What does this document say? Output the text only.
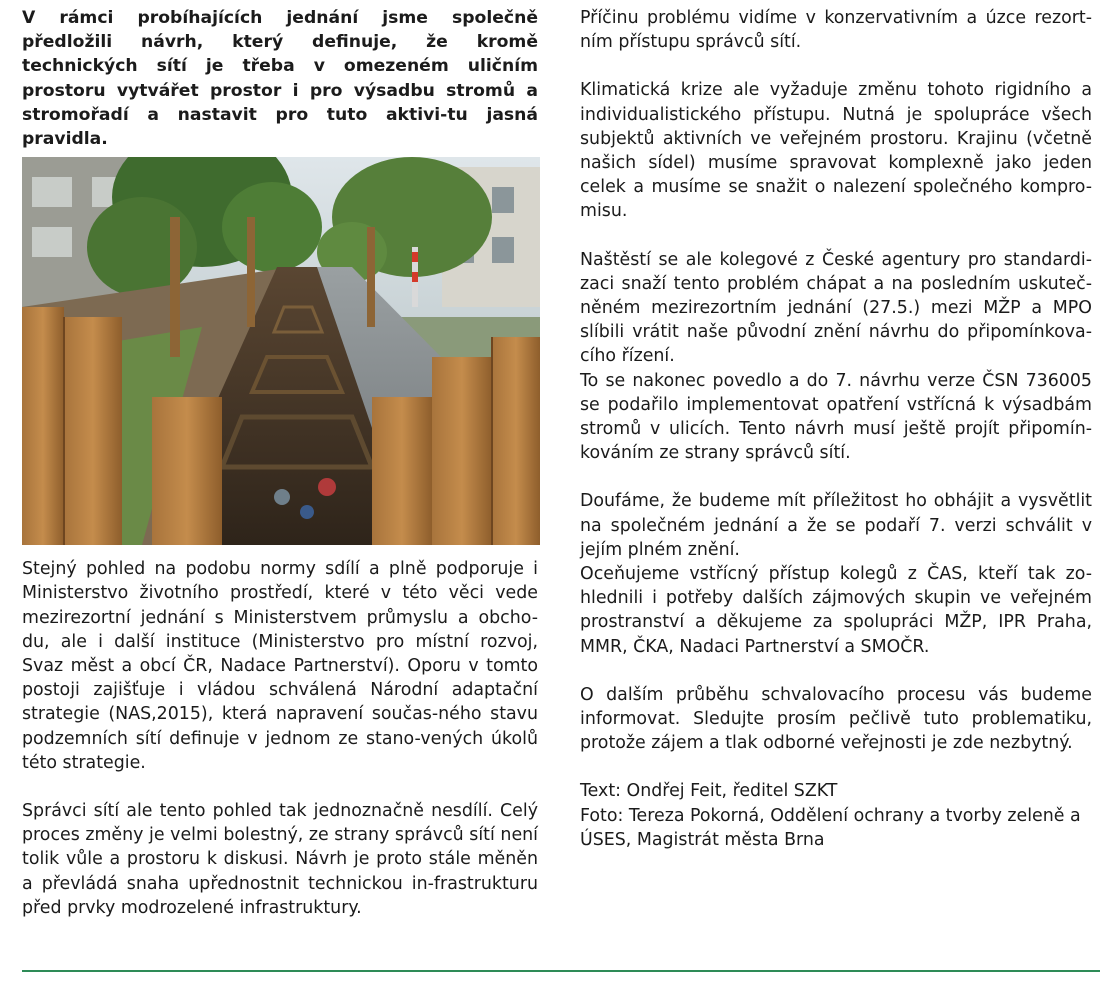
V rámci probíhajících jednání jsme společně předložili návrh, který definuje, že kromě technických sítí je třeba v omezeném uličním prostoru vytvářet prostor i pro výsadbu stromů a stromořadí a nastavit pro tuto aktivi-tu jasná pravidla.

Stejný pohled na podobu normy sdílí a plně podporuje i Ministerstvo životního prostředí, které v této věci vede mezirezortní jednání s Ministerstvem průmyslu a obcho-du, ale i další instituce (Ministerstvo pro místní rozvoj, Svaz měst a obcí ČR, Nadace Partnerství). Oporu v tomto postoji zajišťuje i vládou schválená Národní adaptační strategie (NAS,2015), která napravení součas-ného stavu podzemních sítí definuje v jednom ze stano-vených úkolů této strategie.

Správci sítí ale tento pohled tak jednoznačně nesdílí. Celý proces změny je velmi bolestný, ze strany správců sítí není tolik vůle a prostoru k diskusi. Návrh je proto stále měněn a převládá snaha upřednostnit technickou in-frastrukturu před prvky modrozelené infrastruktury.

Příčinu problému vidíme v konzervativním a úzce rezort-ním přístupu správců sítí.

Klimatická krize ale vyžaduje změnu tohoto rigidního a individualistického přístupu. Nutná je spolupráce všech subjektů aktivních ve veřejném prostoru. Krajinu (včetně našich sídel) musíme spravovat komplexně jako jeden celek a musíme se snažit o nalezení společného kompro-misu.

Naštěstí se ale kolegové z České agentury pro standardi-zaci snaží tento problém chápat a na posledním uskuteč-něném mezirezortním jednání (27.5.) mezi MŽP a MPO slíbili vrátit naše původní znění návrhu do připomínkova-cího řízení.
To se nakonec povedlo a do 7. návrhu verze ČSN 736005 se podařilo implementovat opatření vstřícná k výsadbám stromů v ulicích. Tento návrh musí ještě projít připomín-kováním ze strany správců sítí.

Doufáme, že budeme mít příležitost ho obhájit a vysvětlit na společném jednání a že se podaří 7. verzi schválit v jejím plném znění.
Oceňujeme vstřícný přístup kolegů z ČAS, kteří tak zo-hlednili i potřeby dalších zájmových skupin ve veřejném prostranství a děkujeme za spolupráci MŽP, IPR Praha, MMR, ČKA, Nadaci Partnerství a SMOČR.

O dalším průběhu schvalovacího procesu vás budeme informovat. Sledujte prosím pečlivě tuto problematiku, protože zájem a tlak odborné veřejnosti je zde nezbytný.

Text: Ondřej Feit, ředitel SZKT
Foto: Tereza Pokorná, Oddělení ochrany a tvorby zeleně a ÚSES, Magistrát města Brna
